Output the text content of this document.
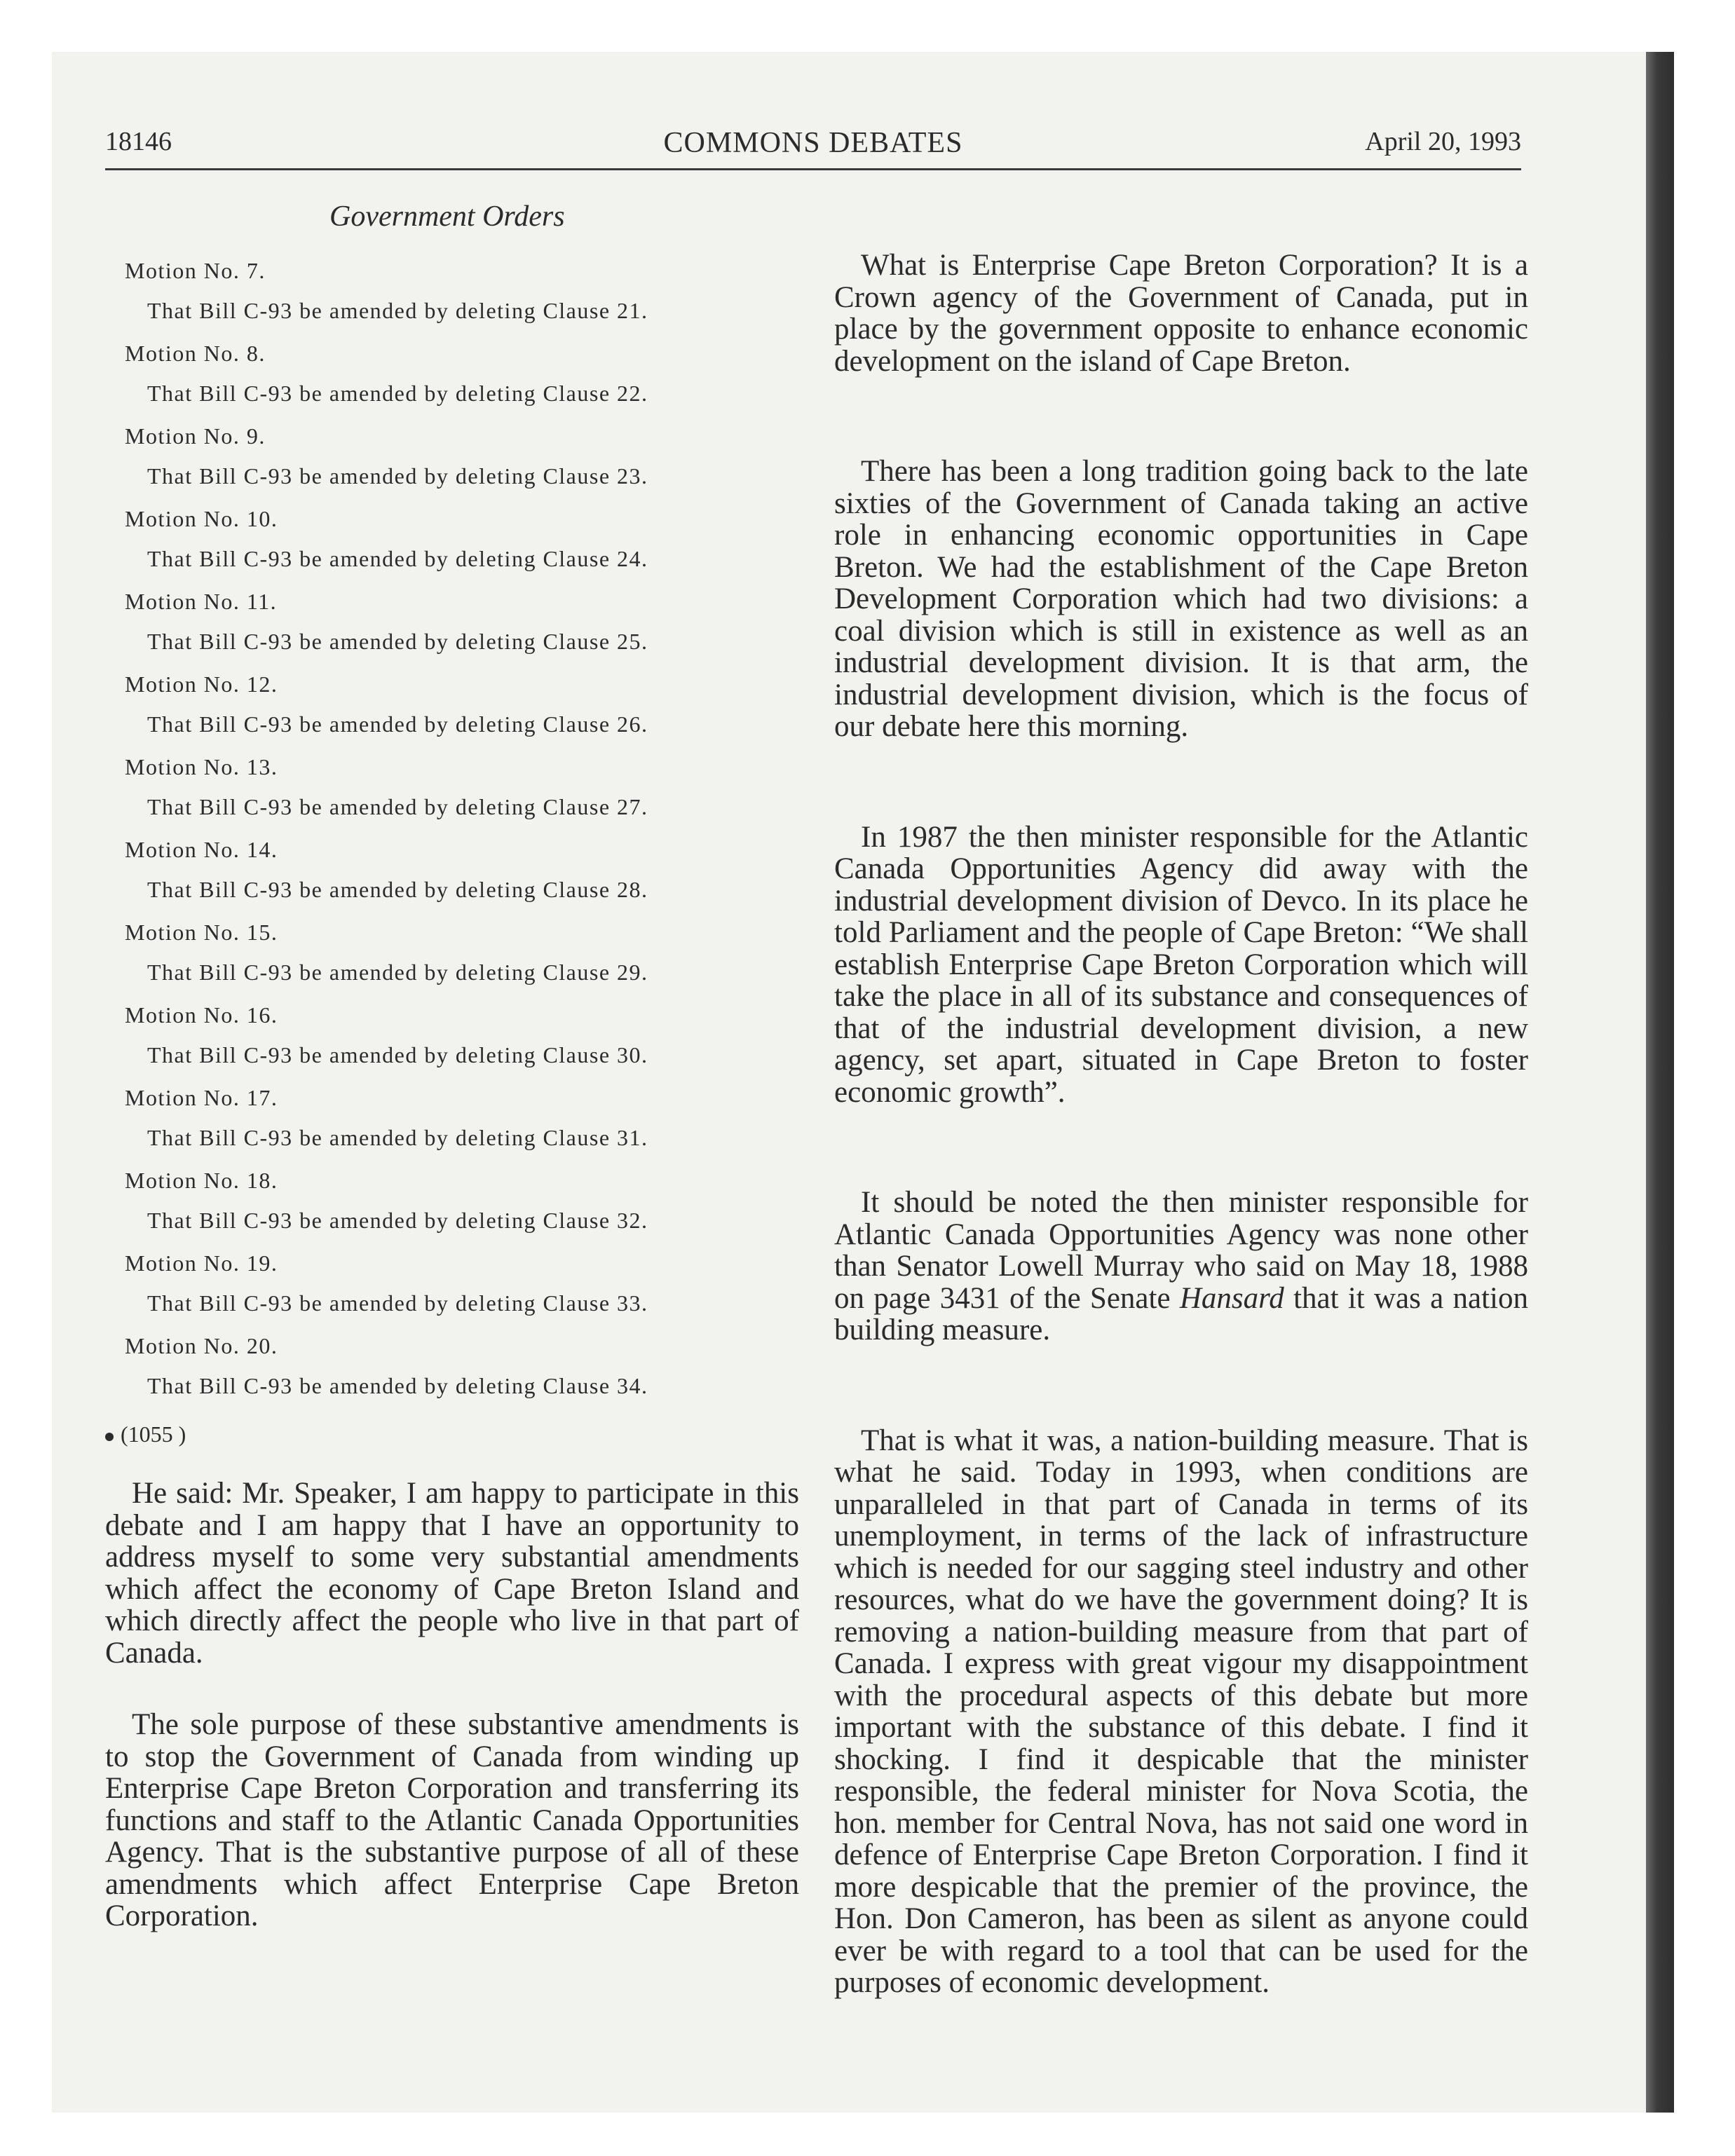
18146	COMMONS DEBATES	April 20, 1993
Government Orders
Motion No. 7.
That Bill C-93 be amended by deleting Clause 21.
Motion No. 8.
That Bill C-93 be amended by deleting Clause 22.
Motion No. 9.
That Bill C-93 be amended by deleting Clause 23.
Motion No. 10.
That Bill C-93 be amended by deleting Clause 24.
Motion No. 11.
That Bill C-93 be amended by deleting Clause 25.
Motion No. 12.
That Bill C-93 be amended by deleting Clause 26.
Motion No. 13.
That Bill C-93 be amended by deleting Clause 27.
Motion No. 14.
That Bill C-93 be amended by deleting Clause 28.
Motion No. 15.
That Bill C-93 be amended by deleting Clause 29.
Motion No. 16.
That Bill C-93 be amended by deleting Clause 30.
Motion No. 17.
That Bill C-93 be amended by deleting Clause 31.
Motion No. 18.
That Bill C-93 be amended by deleting Clause 32.
Motion No. 19.
That Bill C-93 be amended by deleting Clause 33.
Motion No. 20.
That Bill C-93 be amended by deleting Clause 34.
(1055 )

He said: Mr. Speaker, I am happy to participate in this debate and I am happy that I have an opportunity to address myself to some very substantial amendments which affect the economy of Cape Breton Island and which directly affect the people who live in that part of Canada.

The sole purpose of these substantive amendments is to stop the Government of Canada from winding up Enterprise Cape Breton Corporation and transferring its functions and staff to the Atlantic Canada Opportunities Agency. That is the substantive purpose of all of these amendments which affect Enterprise Cape Breton Corporation.

What is Enterprise Cape Breton Corporation? It is a Crown agency of the Government of Canada, put in place by the government opposite to enhance economic development on the island of Cape Breton.

There has been a long tradition going back to the late sixties of the Government of Canada taking an active role in enhancing economic opportunities in Cape Breton. We had the establishment of the Cape Breton Development Corporation which had two divisions: a coal division which is still in existence as well as an industrial development division. It is that arm, the industrial development division, which is the focus of our debate here this morning.

In 1987 the then minister responsible for the Atlantic Canada Opportunities Agency did away with the industrial development division of Devco. In its place he told Parliament and the people of Cape Breton: “We shall establish Enterprise Cape Breton Corporation which will take the place in all of its substance and consequences of that of the industrial development division, a new agency, set apart, situated in Cape Breton to foster economic growth”.

It should be noted the then minister responsible for Atlantic Canada Opportunities Agency was none other than Senator Lowell Murray who said on May 18, 1988 on page 3431 of the Senate Hansard that it was a nation building measure.

That is what it was, a nation-building measure. That is what he said. Today in 1993, when conditions are unparalleled in that part of Canada in terms of its unemployment, in terms of the lack of infrastructure which is needed for our sagging steel industry and other resources, what do we have the government doing? It is removing a nation-building measure from that part of Canada. I express with great vigour my disappointment with the procedural aspects of this debate but more important with the substance of this debate. I find it shocking. I find it despicable that the minister responsible, the federal minister for Nova Scotia, the hon. member for Central Nova, has not said one word in defence of Enterprise Cape Breton Corporation. I find it more despicable that the premier of the province, the Hon. Don Cameron, has been as silent as anyone could ever be with regard to a tool that can be used for the purposes of economic development.
